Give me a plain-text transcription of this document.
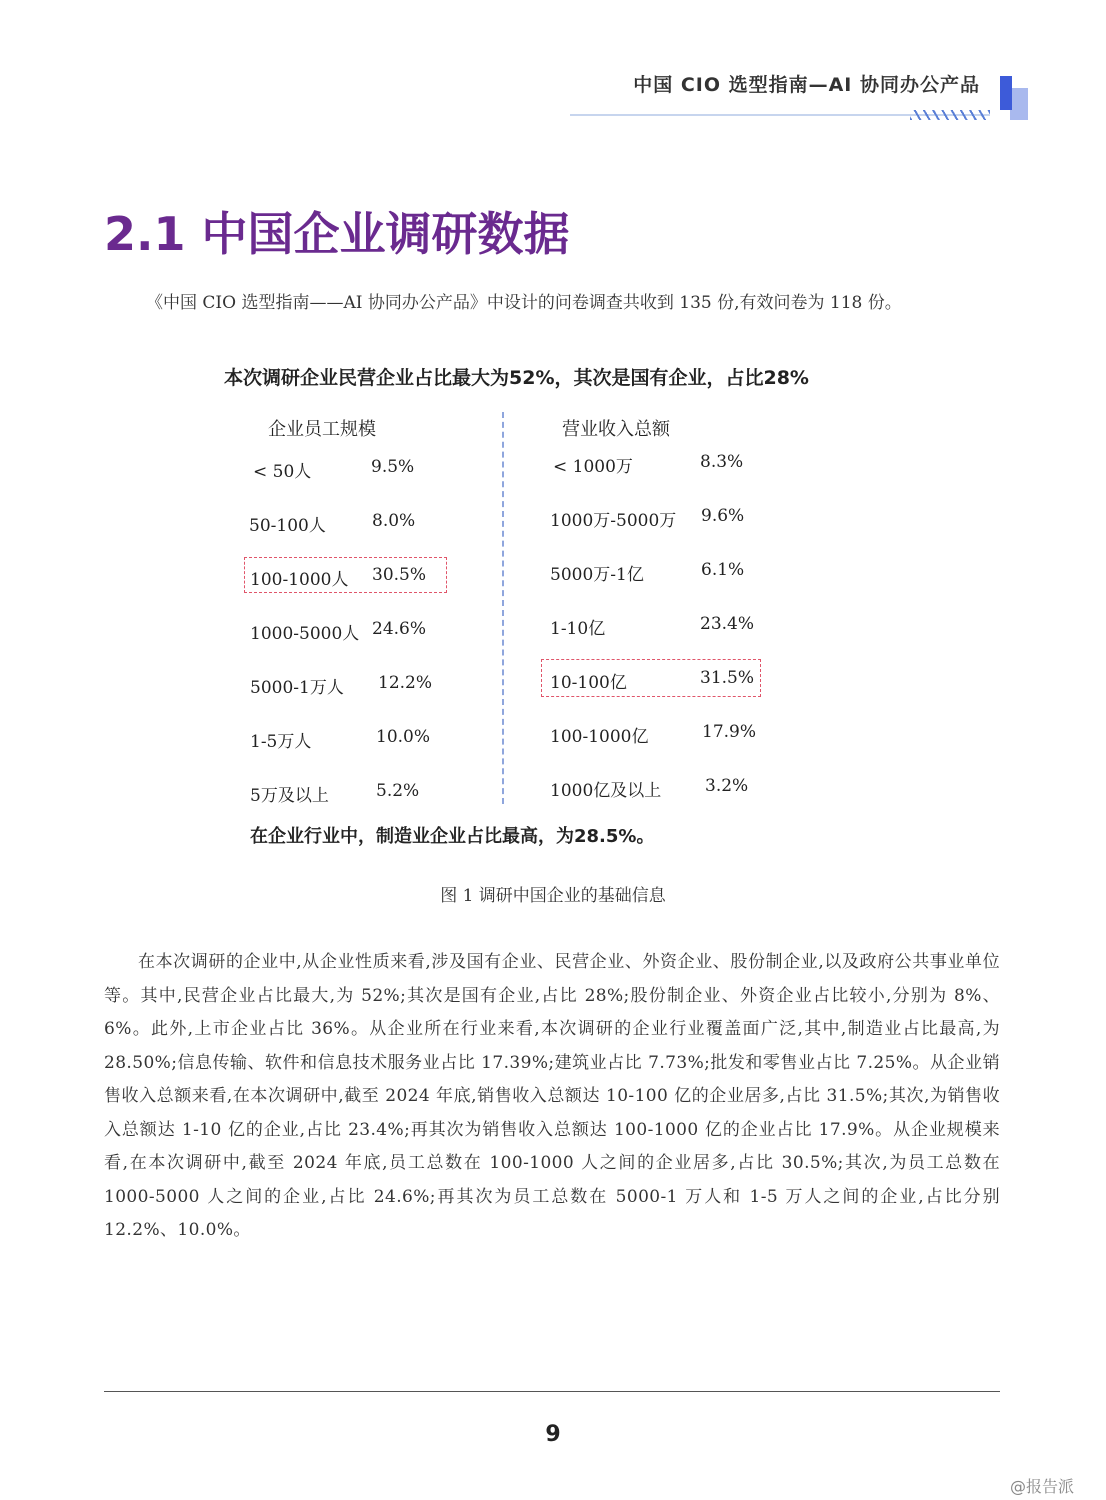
中国 CIO 选型指南—AI 协同办公产品
2.1 中国企业调研数据
《中国 CIO 选型指南——AI 协同办公产品》中设计的问卷调查共收到 135 份,有效问卷为 118 份。
本次调研企业民营企业占比最大为52%，其次是国有企业，占比28%
企业员工规模	营业收入总额
< 50人	9.5%
50-100人	8.0%
100-1000人 30.5%
1000-5000人 24.6%
5000-1万人 12.2%
1-5万人	10.0%
5万及以上	5.2%
< 1000万	8.3%
1000万-5000万 9.6%
5000万-1亿	6.1%
1-10亿	23.4%
10-100亿	31.5%
100-1000亿	17.9%
1000亿及以上	3.2%
在企业行业中，制造业企业占比最高，为28.5%。
图 1 调研中国企业的基础信息
在本次调研的企业中,从企业性质来看,涉及国有企业、民营企业、外资企业、股份制企业,以及政府公共事业单位等。其中,民营企业占比最大,为 52%;其次是国有企业,占比 28%;股份制企业、外资企业占比较小,分别为 8%、6%。此外,上市企业占比 36%。从企业所在行业来看,本次调研的企业行业覆盖面广泛,其中,制造业占比最高,为 28.50%;信息传输、软件和信息技术服务业占比 17.39%;建筑业占比 7.73%;批发和零售业占比 7.25%。从企业销售收入总额来看,在本次调研中,截至 2024 年底,销售收入总额达 10-100 亿的企业居多,占比 31.5%;其次,为销售收入总额达 1-10 亿的企业,占比 23.4%;再其次为销售收入总额达 100-1000 亿的企业占比 17.9%。从企业规模来看,在本次调研中,截至 2024 年底,员工总数在 100-1000 人之间的企业居多,占比 30.5%;其次,为员工总数在 1000-5000 人之间的企业,占比 24.6%;再其次为员工总数在 5000-1 万人和 1-5 万人之间的企业,占比分别 12.2%、10.0%。
9
@报告派
